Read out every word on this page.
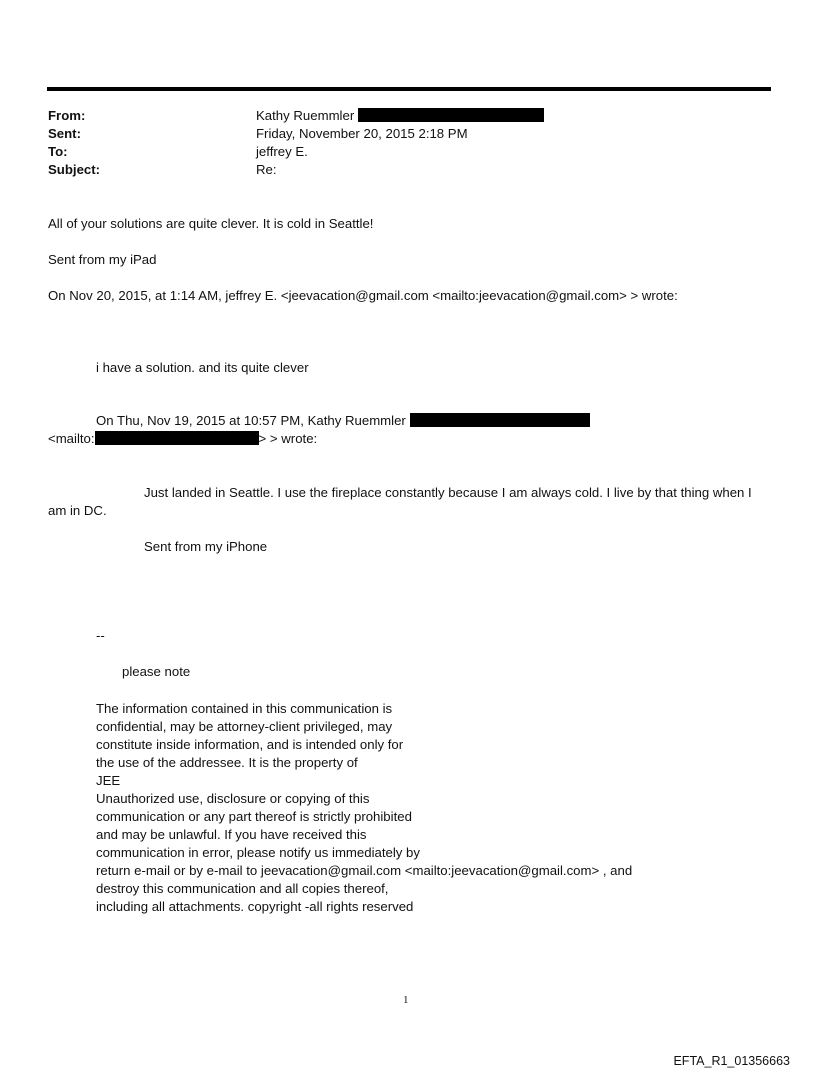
From:	Kathy Ruemmler
Sent:	Friday, November 20, 2015 2:18 PM
To:	jeffrey E.
Subject:	Re:
All of your solutions are quite clever. It is cold in Seattle!
Sent from my iPad
On Nov 20, 2015, at 1:14 AM, jeffrey E. <jeevacation@gmail.com <mailto:jeevacation@gmail.com> > wrote:
i have a solution. and its quite clever
On Thu, Nov 19, 2015 at 10:57 PM, Kathy Ruemmler
<mailto:	> > wrote:
Just landed in Seattle. I use the fireplace constantly because I am always cold. I live by that thing when I
am in DC.
Sent from my iPhone
--
please note
The information contained in this communication is
confidential, may be attorney-client privileged, may
constitute inside information, and is intended only for
the use of the addressee. It is the property of
JEE
Unauthorized use, disclosure or copying of this
communication or any part thereof is strictly prohibited
and may be unlawful. If you have received this
communication in error, please notify us immediately by
return e-mail or by e-mail to jeevacation@gmail.com <mailto:jeevacation@gmail.com> , and
destroy this communication and all copies thereof,
including all attachments. copyright -all rights reserved
1
EFTA_R1_01356663
